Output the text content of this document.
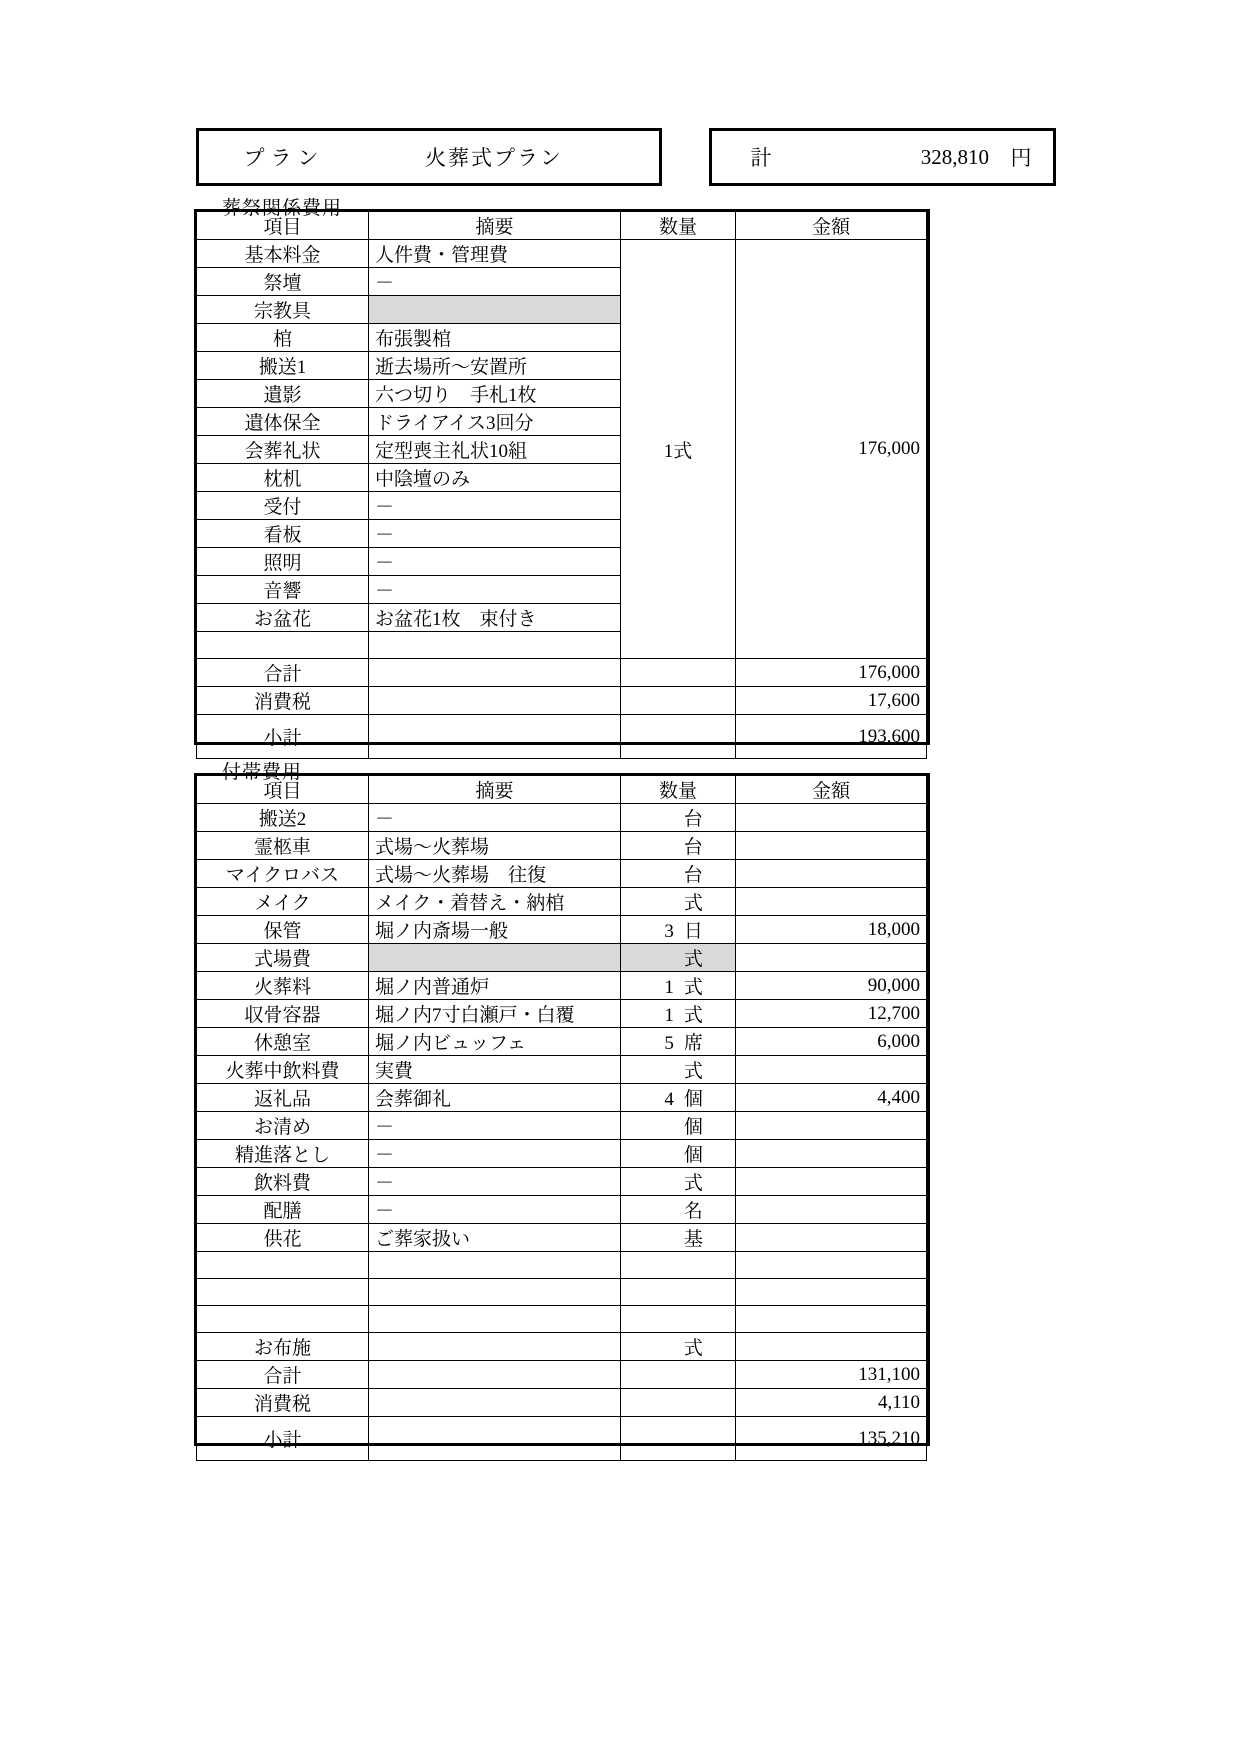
プラン	火葬式プラン	計	328,810	円
葬祭関係費用
項目	摘要	数量	金額
基本料金	人件費・管理費	1式	176,000
祭壇	－		
宗教具			
棺	布張製棺		
搬送1	逝去場所～安置所		
遺影	六つ切り　手札1枚		
遺体保全	ドライアイス3回分		
会葬礼状	定型喪主礼状10組		
枕机	中陰壇のみ		
受付	－		
看板	－		
照明	－		
音響	－		
お盆花	お盆花1枚　束付き		

合計			176,000
消費税			17,600
小計			193,600
付帯費用
項目	摘要	数量	金額
搬送2	－	台	
霊柩車	式場～火葬場	台	
マイクロバス	式場～火葬場　往復	台	
メイク	メイク・着替え・納棺	式	
保管	堀ノ内斎場一般	3 日	18,000
式場費		式	
火葬料	堀ノ内普通炉	1 式	90,000
収骨容器	堀ノ内7寸白瀬戸・白覆	1 式	12,700
休憩室	堀ノ内ビュッフェ	5 席	6,000
火葬中飲料費	実費	式	
返礼品	会葬御礼	4 個	4,400
お清め	－	個	
精進落とし	－	個	
飲料費	－	式	
配膳	－	名	
供花	ご葬家扱い	基	

お布施		式	
合計			131,100
消費税			4,110
小計			135,210
